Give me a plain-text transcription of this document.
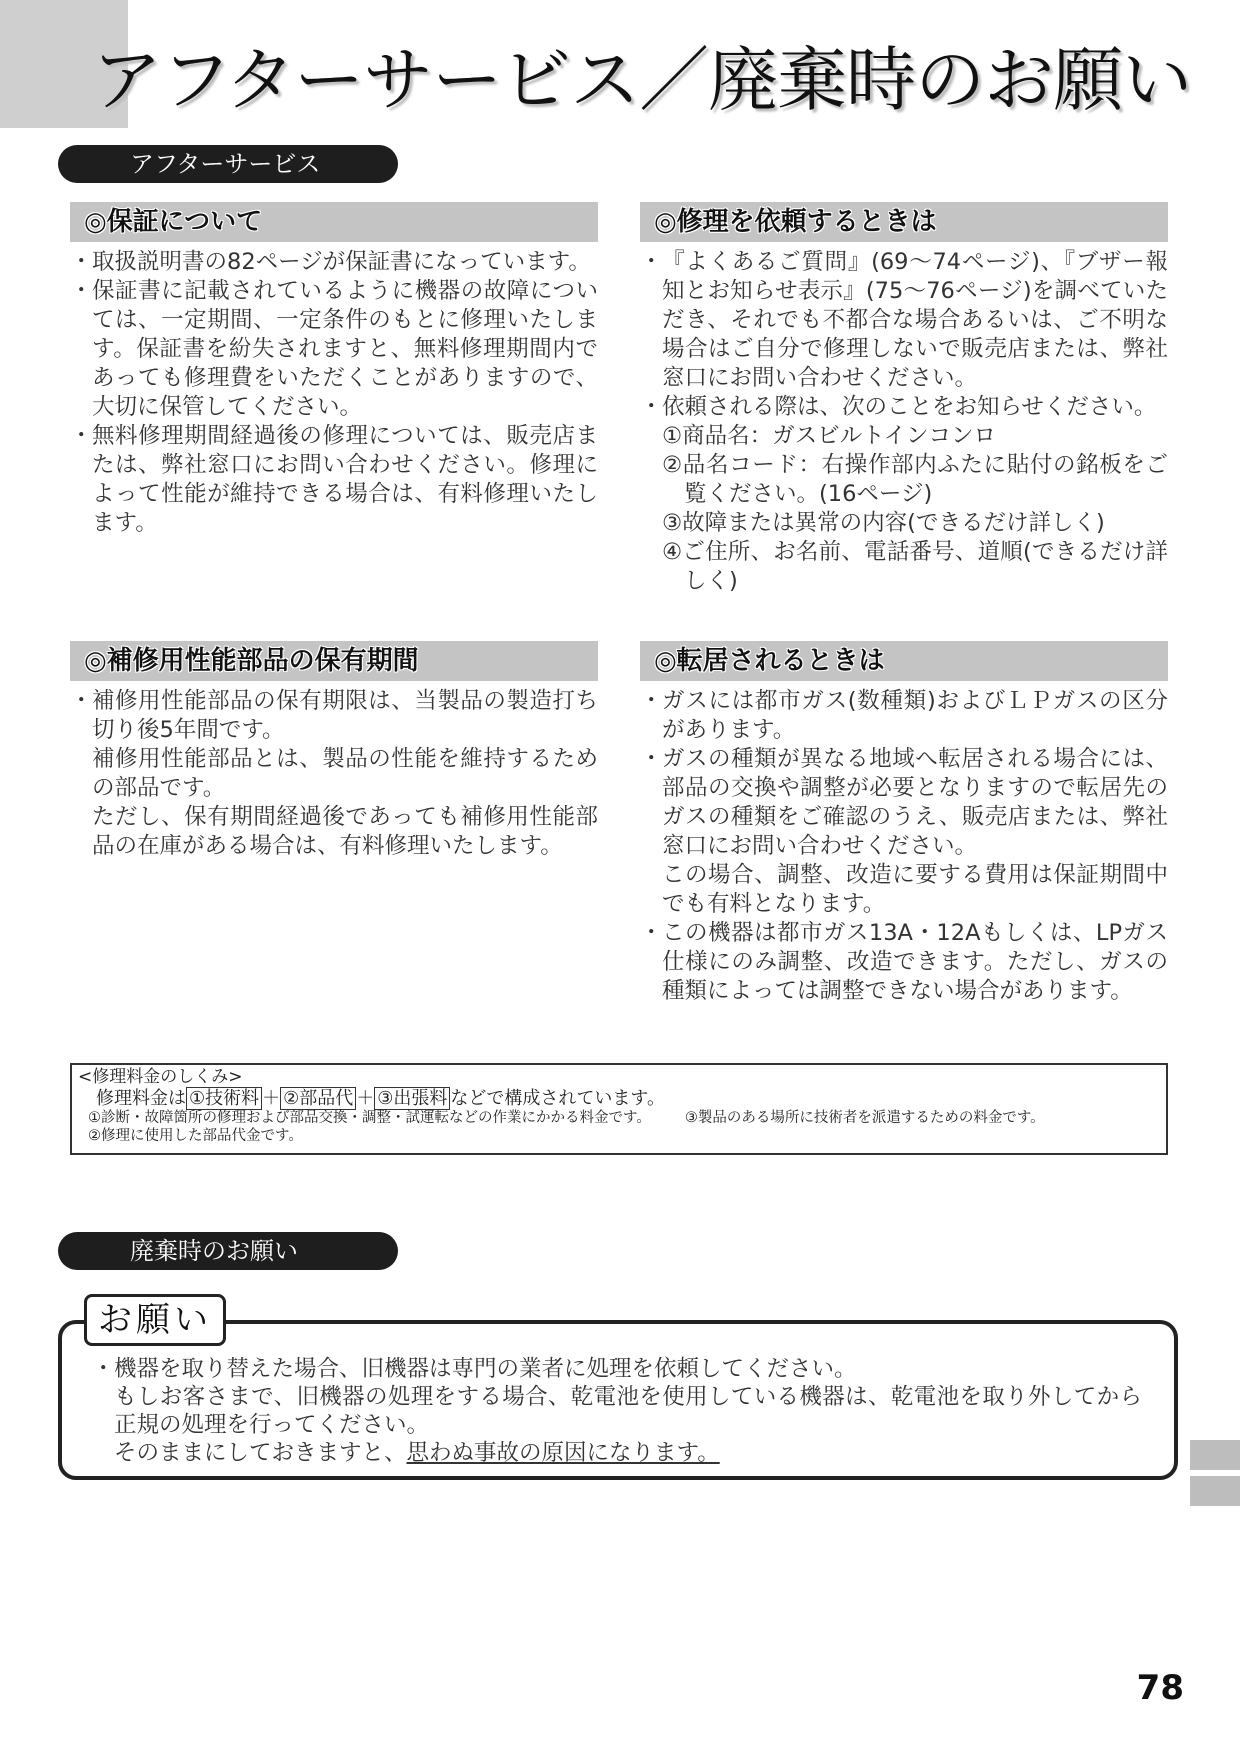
アフターサービス／廃棄時のお願い
アフターサービス
◎保証について
・ 取扱説明書の82ページが保証書になっています。
・ 保証書に記載されているように機器の故障については、一定期間、一定条件のもとに修理いたします。保証書を紛失されますと、無料修理期間内であっても修理費をいただくことがありますので、大切に保管してください。
・ 無料修理期間経過後の修理については、販売店または、弊社窓口にお問い合わせください。修理によって性能が維持できる場合は、有料修理いたします。
◎修理を依頼するときは
・ 『よくあるご質問』(69〜74ページ)、『ブザー報知とお知らせ表示』(75〜76ページ)を調べていただき、それでも不都合な場合あるいは、ご不明な場合はご自分で修理しないで販売店または、弊社窓口にお問い合わせください。
・ 依頼される際は、次のことをお知らせください。
①商品名：ガスビルトインコンロ
②品名コード：右操作部内ふたに貼付の銘板をご覧ください。(16ページ)
③故障または異常の内容(できるだけ詳しく)
④ご住所、お名前、電話番号、道順(できるだけ詳しく)
◎補修用性能部品の保有期間
・ 補修用性能部品の保有期限は、当製品の製造打ち切り後5年間です。
補修用性能部品とは、製品の性能を維持するための部品です。
ただし、保有期間経過後であっても補修用性能部品の在庫がある場合は、有料修理いたします。
◎転居されるときは
・ ガスには都市ガス(数種類)およびＬＰガスの区分があります。
・ ガスの種類が異なる地域へ転居される場合には、部品の交換や調整が必要となりますので転居先のガスの種類をご確認のうえ、販売店または、弊社窓口にお問い合わせください。
この場合、調整、改造に要する費用は保証期間中でも有料となります。
・ この機器は都市ガス13A・12Aもしくは、LPガス仕様にのみ調整、改造できます。ただし、ガスの種類によっては調整できない場合があります。
<修理料金のしくみ>
修理料金は ①技術料 ＋ ②部品代 ＋ ③出張料 などで構成されています。
①診断・故障箇所の修理および部品交換・調整・試運転などの作業にかかる料金です。 ③製品のある場所に技術者を派遣するための料金です。
②修理に使用した部品代金です。
廃棄時のお願い
お願い
・ 機器を取り替えた場合、旧機器は専門の業者に処理を依頼してください。
もしお客さまで、旧機器の処理をする場合、乾電池を使用している機器は、乾電池を取り外してから正規の処理を行ってください。
そのままにしておきますと、思わぬ事故の原因になります。
78
